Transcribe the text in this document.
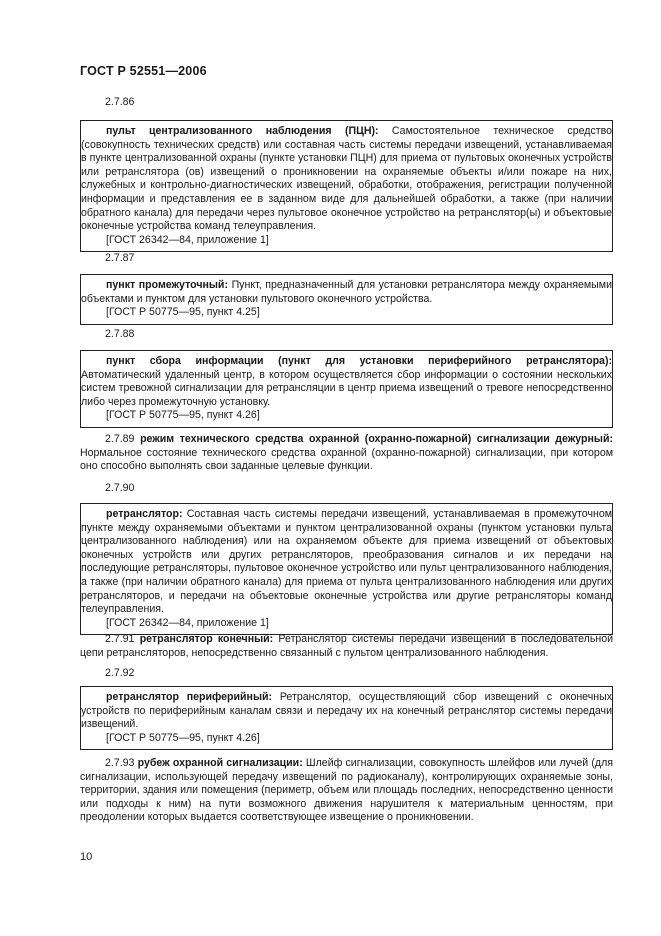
ГОСТ Р 52551—2006
2.7.86

пульт централизованного наблюдения (ПЦН): Самостоятельное техническое средство (совокупность технических средств) или составная часть системы передачи извещений, устанавливаемая в пункте централизованной охраны (пункте установки ПЦН) для приема от пультовых оконечных устройств или ретранслятора (ов) извещений о проникновении на охраняемые объекты и/или пожаре на них, служебных и контрольно-диагностических извещений, обработки, отображения, регистрации полученной информации и представления ее в заданном виде для дальнейшей обработки, а также (при наличии обратного канала) для передачи через пультовое оконечное устройство на ретранслятор(ы) и объектовые оконечные устройства команд телеуправления.

[ГОСТ 26342—84, приложение 1]

2.7.87

пункт промежуточный: Пункт, предназначенный для установки ретранслятора между охраняемыми объектами и пунктом для установки пультового оконечного устройства.

[ГОСТ Р 50775—95, пункт 4.25]

2.7.88

пункт сбора информации (пункт для установки периферийного ретранслятора): Автоматический удаленный центр, в котором осуществляется сбор информации о состоянии нескольких систем тревожной сигнализации для ретрансляции в центр приема извещений о тревоге непосредственно либо через промежуточную установку.

[ГОСТ Р 50775—95, пункт 4.26]

2.7.89 режим технического средства охранной (охранно-пожарной) сигнализации дежурный: Нормальное состояние технического средства охранной (охранно-пожарной) сигнализации, при котором оно способно выполнять свои заданные целевые функции.

2.7.90

ретранслятор: Составная часть системы передачи извещений, устанавливаемая в промежуточном пункте между охраняемыми объектами и пунктом централизованной охраны (пунктом установки пульта централизованного наблюдения) или на охраняемом объекте для приема извещений от объектовых оконечных устройств или других ретрансляторов, преобразования сигналов и их передачи на последующие ретрансляторы, пультовое оконечное устройство или пульт централизованного наблюдения, а также (при наличии обратного канала) для приема от пульта централизованного наблюдения или других ретрансляторов, и передачи на объектовые оконечные устройства или другие ретрансляторы команд телеуправления.

[ГОСТ 26342—84, приложение 1]

2.7.91 ретранслятор конечный: Ретранслятор системы передачи извещений в последовательной цепи ретрансляторов, непосредственно связанный с пультом централизованного наблюдения.

2.7.92

ретранслятор периферийный: Ретранслятор, осуществляющий сбор извещений с оконечных устройств по периферийным каналам связи и передачу их на конечный ретранслятор системы передачи извещений.

[ГОСТ Р 50775—95, пункт 4.26]

2.7.93 рубеж охранной сигнализации: Шлейф сигнализации, совокупность шлейфов или лучей (для сигнализации, использующей передачу извещений по радиоканалу), контролирующих охраняемые зоны, территории, здания или помещения (периметр, объем или площадь последних, непосредственно ценности или подходы к ним) на пути возможного движения нарушителя к материальным ценностям, при преодолении которых выдается соответствующее извещение о проникновении.

10
